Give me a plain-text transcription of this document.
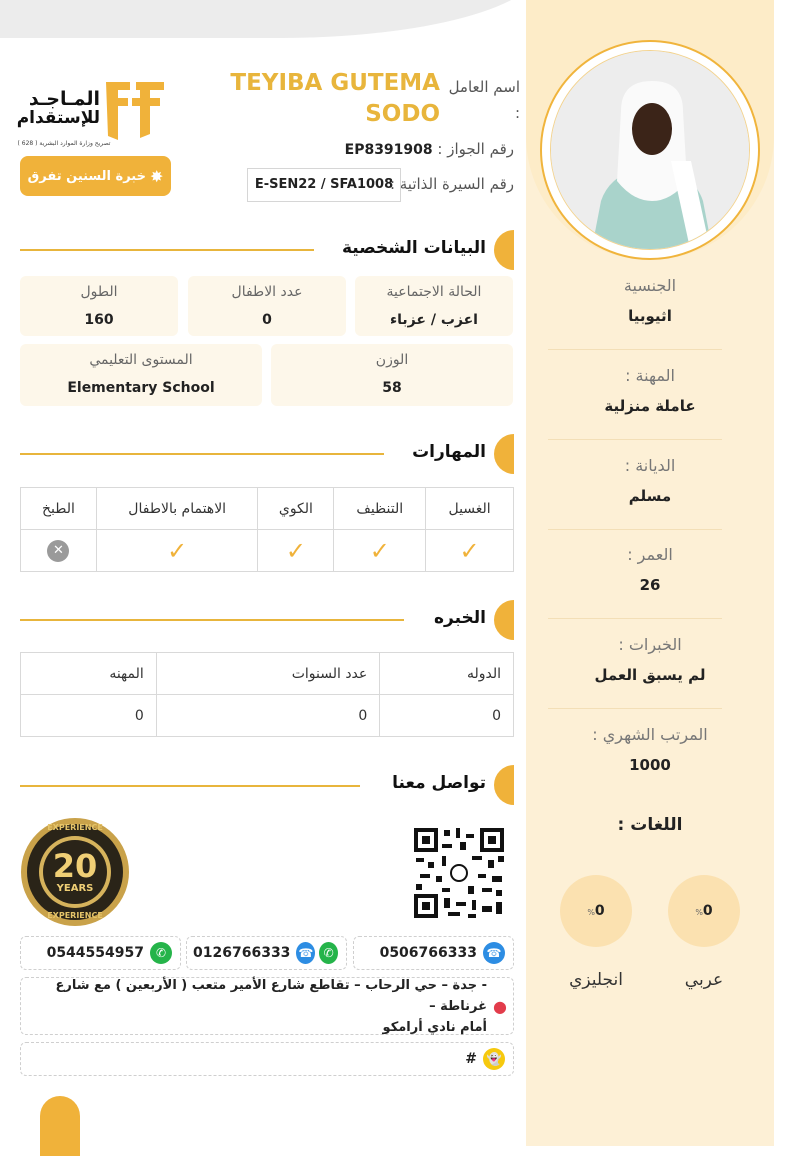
الجنسية
اثيوبيا
المهنة :
عاملة منزلية
الديانة :
مسلم
العمر :
26
الخبرات :
لم يسبق العمل
المرتب الشهري :
1000
اللغات :
%0
عربي
%0
انجليزي
اسم العامل
:
TEYIBA GUTEMA
SODO
رقم الجواز : EP8391908
رقم السيرة الذاتية :
E-SEN22 / SFA1008
المـاجـد
للإستقدام
تصريح وزارة الموارد البشرية ( 628 )
✸
خبرة السنين تفرق
البيانات الشخصية
الحالة الاجتماعية
اعزب / عزباء
عدد الاطفال
0
الطول
160
الوزن
58
المستوى التعليمي
Elementary School
المهارات
الغسيل	التنظيف	الكوي	الاهتمام بالاطفال	الطبخ
✓	✓	✓	✓	✕
الخبره
الدوله	عدد السنوات	المهنه
0	0	0
تواصل معنا
EXPERIENCE
20
YEARS
EXPERIENCE
☎
0506766333
✆
☎
0126766333
✆
0544554957
●
- جدة – حي الرحاب – تقاطع شارع الأمير متعب ( الأربعين ) مع شارع غرناطة –
أمام نادي أرامكو
👻
#
